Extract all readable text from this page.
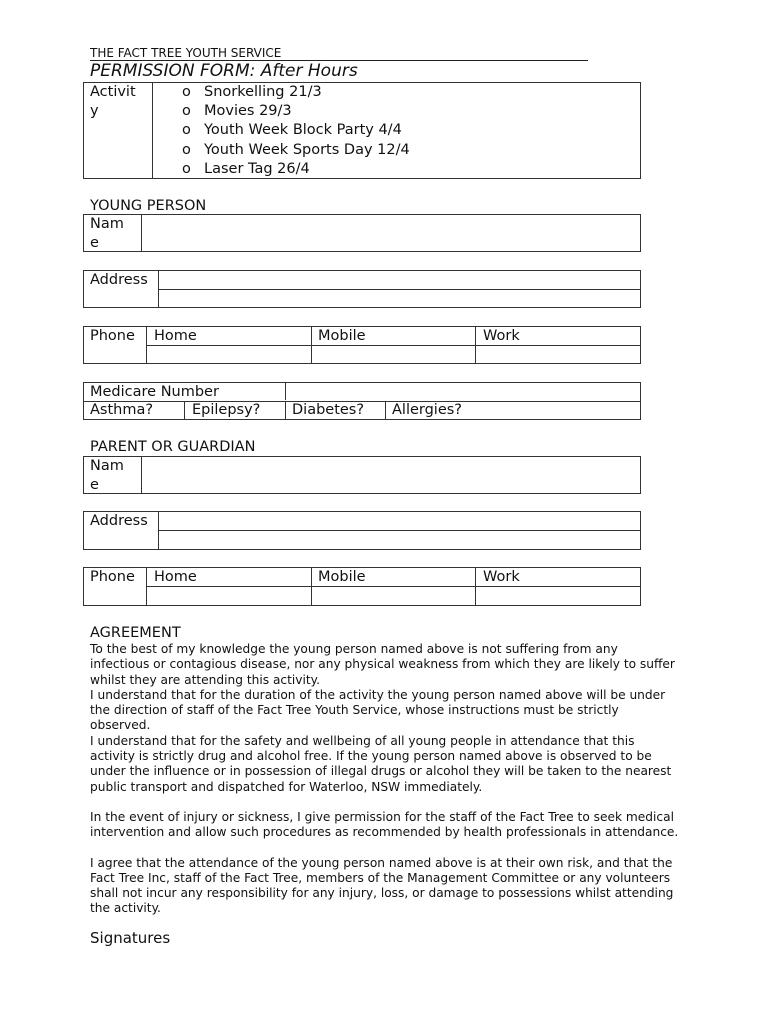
THE FACT TREE YOUTH SERVICE
PERMISSION FORM: After Hours
Activit
y
o Snorkelling 21/3
o Movies 29/3
o Youth Week Block Party 4/4
o Youth Week Sports Day 12/4
o Laser Tag 26/4
YOUNG PERSON
Nam
e
Address
Phone Home	Mobile	Work
Medicare Number
Asthma?	Epilepsy? Diabetes? Allergies?
PARENT OR GUARDIAN
Nam
e
Address
Phone Home	Mobile	Work
AGREEMENT

To the best of my knowledge the young person named above is not suffering from any infectious or contagious disease, nor any physical weakness from which they are likely to suffer whilst they are attending this activity.

I understand that for the duration of the activity the young person named above will be under the direction of staff of the Fact Tree Youth Service, whose instructions must be strictly observed.

I understand that for the safety and wellbeing of all young people in attendance that this activity is strictly drug and alcohol free. If the young person named above is observed to be under the influence or in possession of illegal drugs or alcohol they will be taken to the nearest public transport and dispatched for Waterloo, NSW immediately.

In the event of injury or sickness, I give permission for the staff of the Fact Tree to seek medical intervention and allow such procedures as recommended by health professionals in attendance.

I agree that the attendance of the young person named above is at their own risk, and that the Fact Tree Inc, staff of the Fact Tree, members of the Management Committee or any volunteers shall not incur any responsibility for any injury, loss, or damage to possessions whilst attending the activity.

Signatures
